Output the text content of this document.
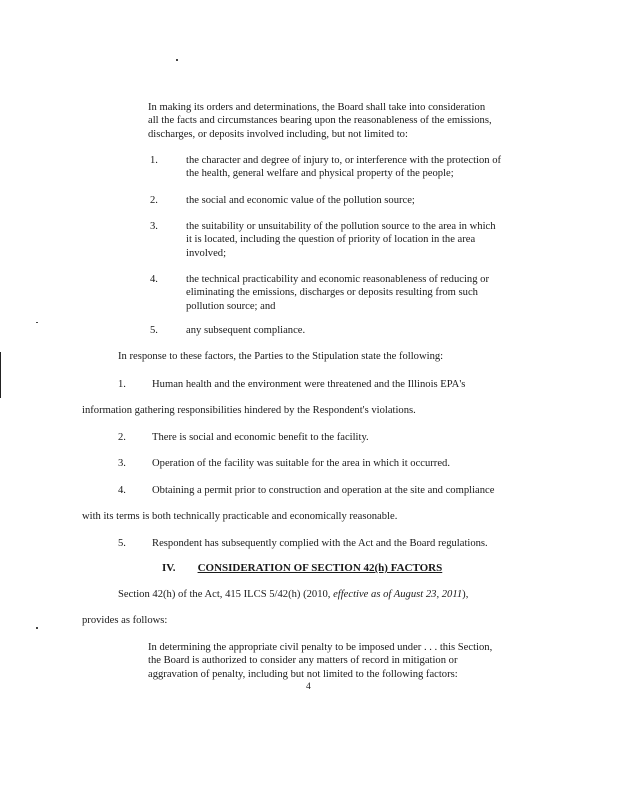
In making its orders and determinations, the Board shall take into consideration
all the facts and circumstances bearing upon the reasonableness of the emissions,
discharges, or deposits involved including, but not limited to:
1.	the character and degree of injury to, or interference with the protection of
the health, general welfare and physical property of the people;
2.	the social and economic value of the pollution source;
3.	the suitability or unsuitability of the pollution source to the area in which
it is located, including the question of priority of location in the area
involved;
4.	the technical practicability and economic reasonableness of reducing or
eliminating the emissions, discharges or deposits resulting from such
pollution source; and
5.	any subsequent compliance.
In response to these factors, the Parties to the Stipulation state the following:
1. Human health and the environment were threatened and the Illinois EPA's
information gathering responsibilities hindered by the Respondent's violations.
2. There is social and economic benefit to the facility.
3. Operation of the facility was suitable for the area in which it occurred.
4. Obtaining a permit prior to construction and operation at the site and compliance
with its terms is both technically practicable and economically reasonable.
5. Respondent has subsequently complied with the Act and the Board regulations.
IV. CONSIDERATION OF SECTION 42(h) FACTORS
Section 42(h) of the Act, 415 ILCS 5/42(h) (2010, effective as of August 23, 2011),
provides as follows:
In determining the appropriate civil penalty to be imposed under . . . this Section,
the Board is authorized to consider any matters of record in mitigation or
aggravation of penalty, including but not limited to the following factors:
4
